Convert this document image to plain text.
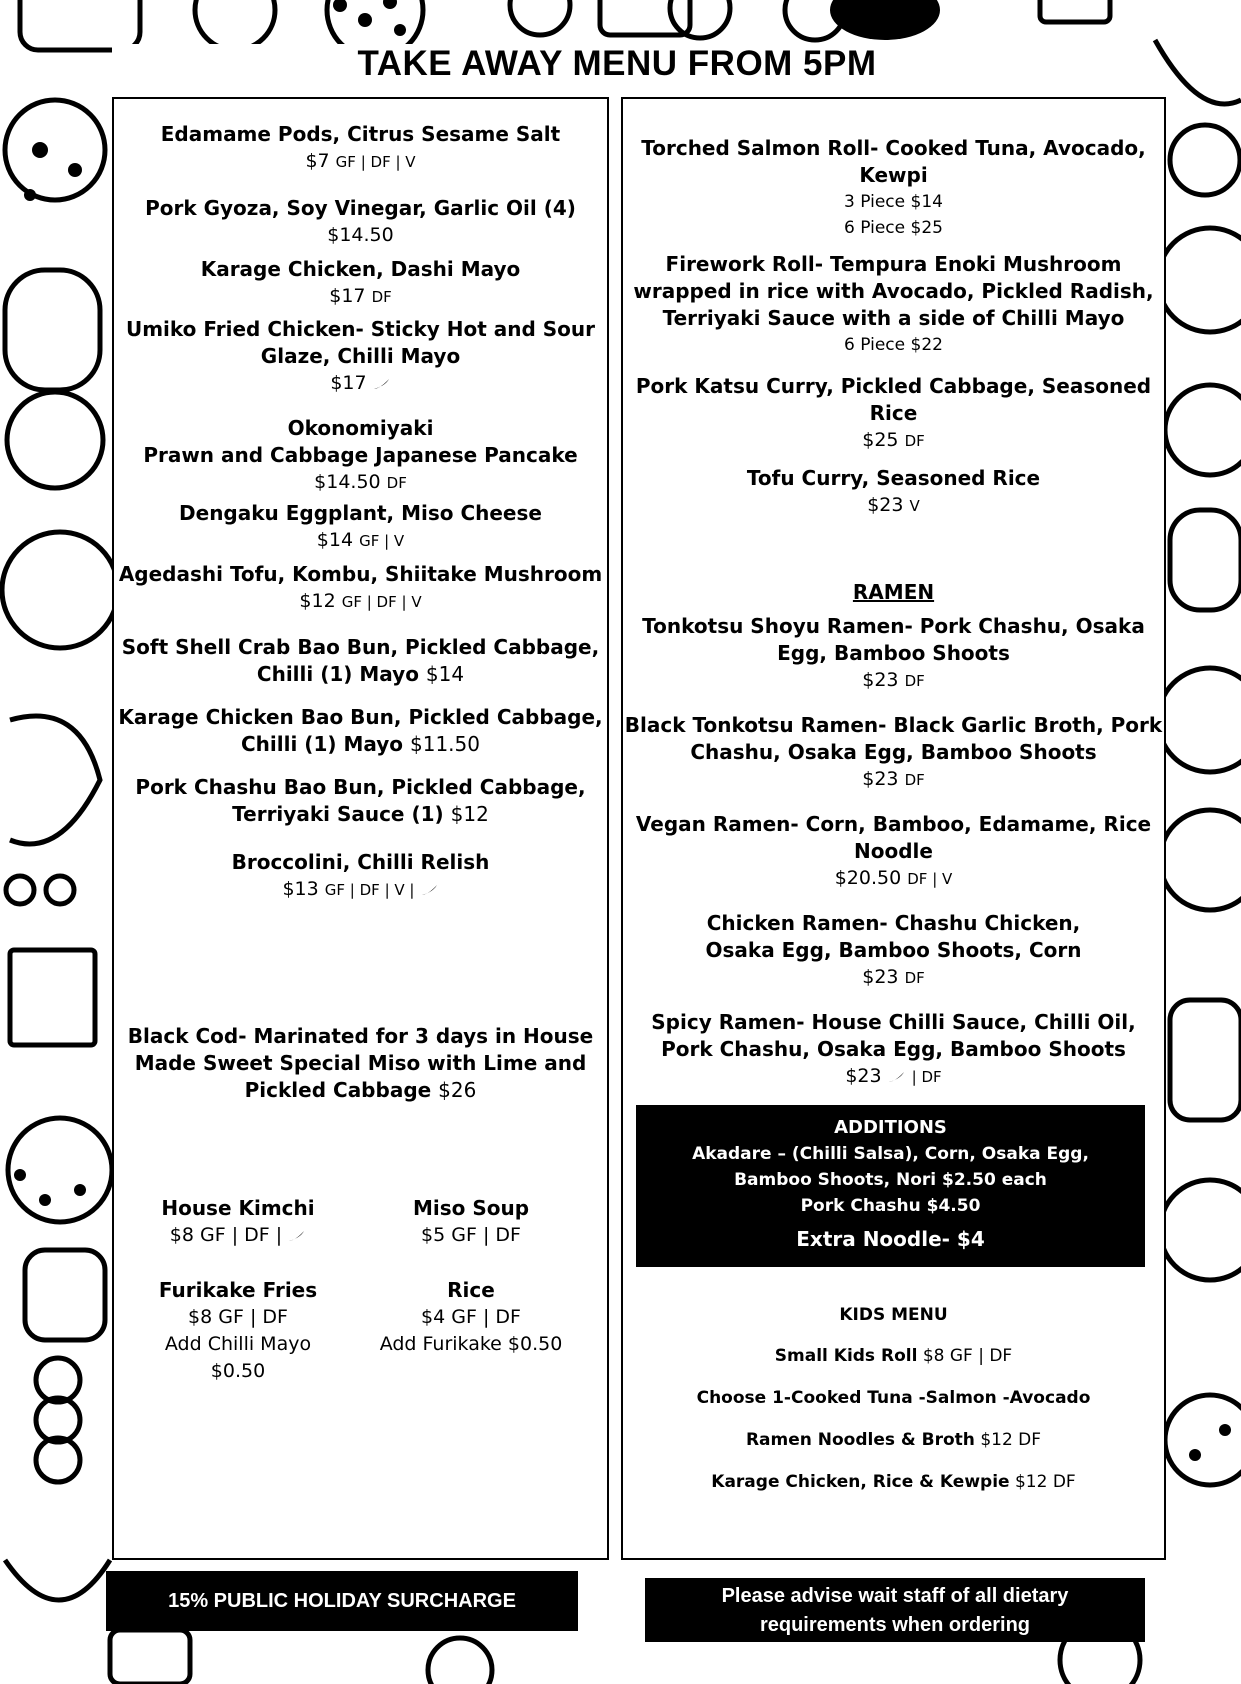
TAKE AWAY MENU FROM 5PM
Edamame Pods, Citrus Sesame Salt
$7 GF | DF | V
Pork Gyoza, Soy Vinegar, Garlic Oil (4)
$14.50
Karage Chicken, Dashi Mayo
$17 DF
Umiko Fried Chicken- Sticky Hot and Sour
Glaze, Chilli Mayo
$17
Okonomiyaki
Prawn and Cabbage Japanese Pancake
$14.50 DF
Dengaku Eggplant, Miso Cheese
$14 GF | V
Agedashi Tofu, Kombu, Shiitake Mushroom
$12 GF | DF | V
Soft Shell Crab Bao Bun, Pickled Cabbage,
Chilli (1) Mayo $14
Karage Chicken Bao Bun, Pickled Cabbage,
Chilli (1) Mayo $11.50
Pork Chashu Bao Bun, Pickled Cabbage,
Terriyaki Sauce (1) $12
Broccolini, Chilli Relish
$13 GF | DF | V |
Black Cod- Marinated for 3 days in House
Made Sweet Special Miso with Lime and
Pickled Cabbage $26
House Kimchi
$8 GF | DF |
Miso Soup
$5 GF | DF
Furikake Fries
$8 GF | DF
Add Chilli Mayo
$0.50
Rice
$4 GF | DF
Add Furikake $0.50
Torched Salmon Roll- Cooked Tuna, Avocado,
Kewpi
3 Piece $14
6 Piece $25
Firework Roll- Tempura Enoki Mushroom
wrapped in rice with Avocado, Pickled Radish,
Terriyaki Sauce with a side of Chilli Mayo
6 Piece $22
Pork Katsu Curry, Pickled Cabbage, Seasoned
Rice
$25 DF
Tofu Curry, Seasoned Rice
$23 V
RAMEN
Tonkotsu Shoyu Ramen- Pork Chashu, Osaka
Egg, Bamboo Shoots
$23 DF
Black Tonkotsu Ramen- Black Garlic Broth, Pork
Chashu, Osaka Egg, Bamboo Shoots
$23 DF
Vegan Ramen- Corn, Bamboo, Edamame, Rice
Noodle
$20.50 DF | V
Chicken Ramen- Chashu Chicken,
Osaka Egg, Bamboo Shoots, Corn
$23 DF
Spicy Ramen- House Chilli Sauce, Chilli Oil,
Pork Chashu, Osaka Egg, Bamboo Shoots
$23 | DF
ADDITIONS
Akadare – (Chilli Salsa), Corn, Osaka Egg,
Bamboo Shoots, Nori $2.50 each
Pork Chashu $4.50
Extra Noodle- $4
KIDS MENU
Small Kids Roll $8 GF | DF
Choose 1-Cooked Tuna -Salmon -Avocado
Ramen Noodles & Broth $12 DF
Karage Chicken, Rice & Kewpie $12 DF
15% PUBLIC HOLIDAY SURCHARGE	Please advise wait staff of all dietary
requirements when ordering
